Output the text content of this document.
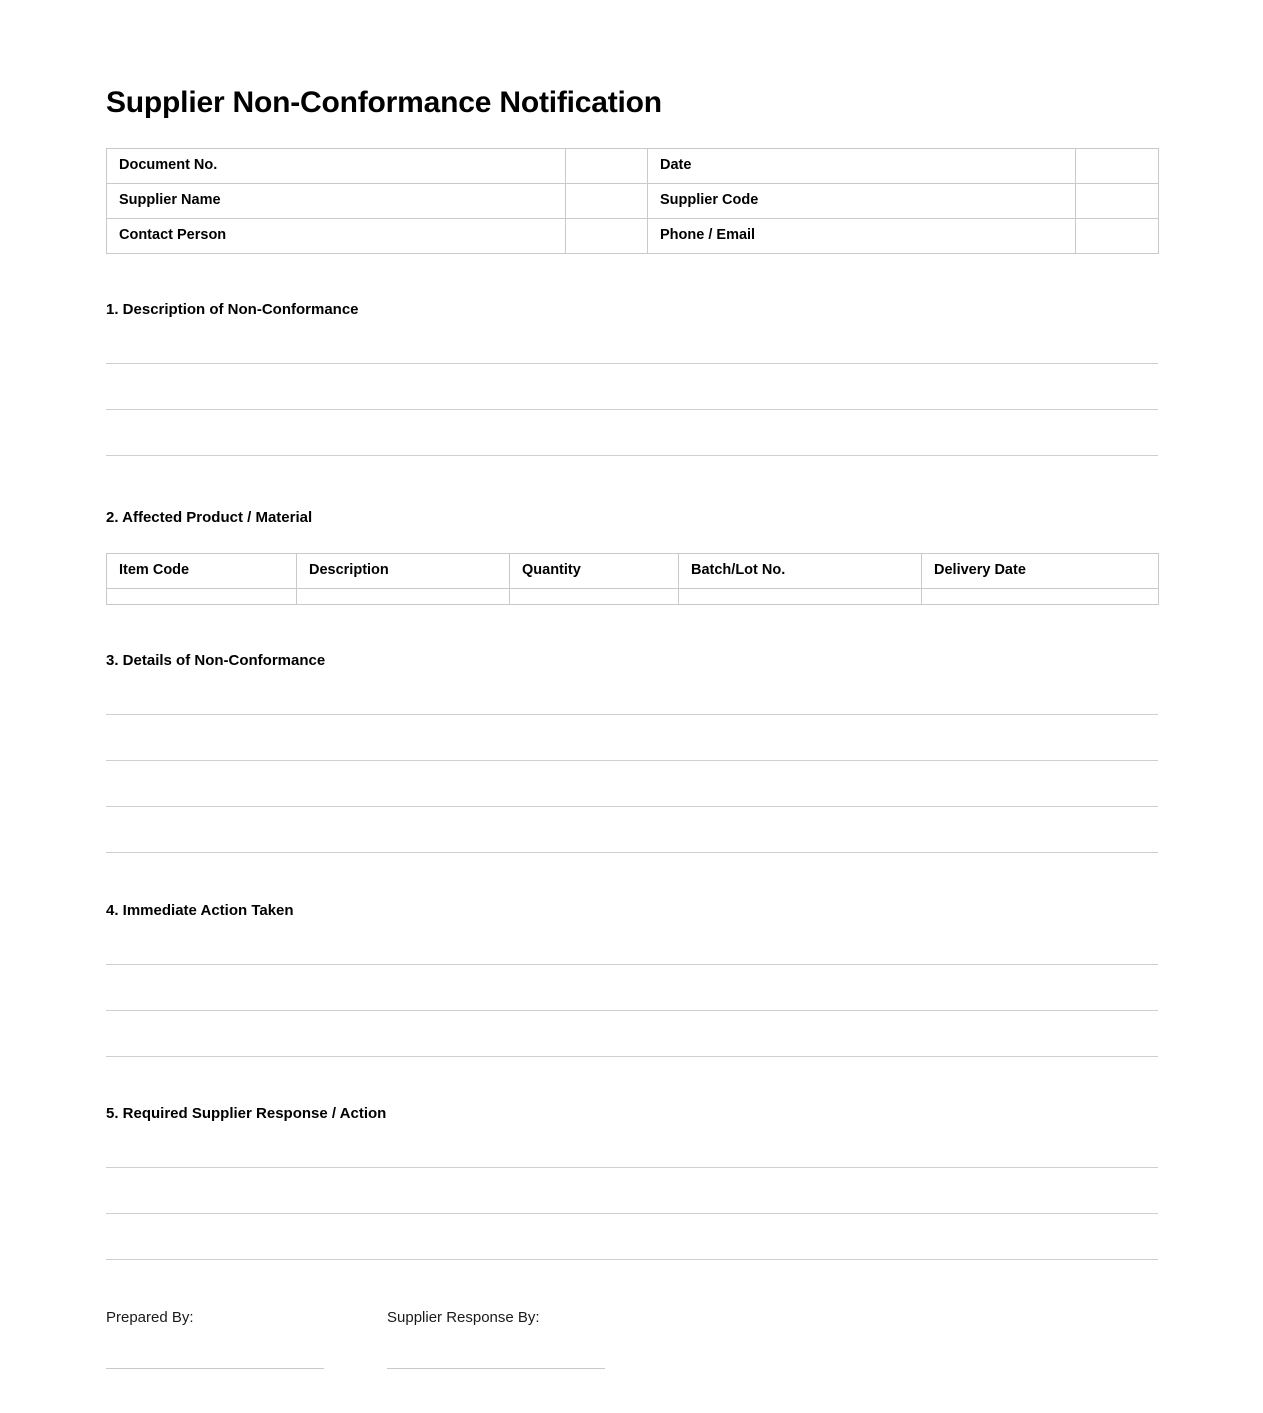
Supplier Non-Conformance Notification
Document No.		Date	
Supplier Name		Supplier Code	
Contact Person		Phone / Email	
1. Description of Non-Conformance
2. Affected Product / Material
Item Code	Description	Quantity	Batch/Lot No.	Delivery Date

3. Details of Non-Conformance
4. Immediate Action Taken
5. Required Supplier Response / Action
Prepared By:	Supplier Response By:
